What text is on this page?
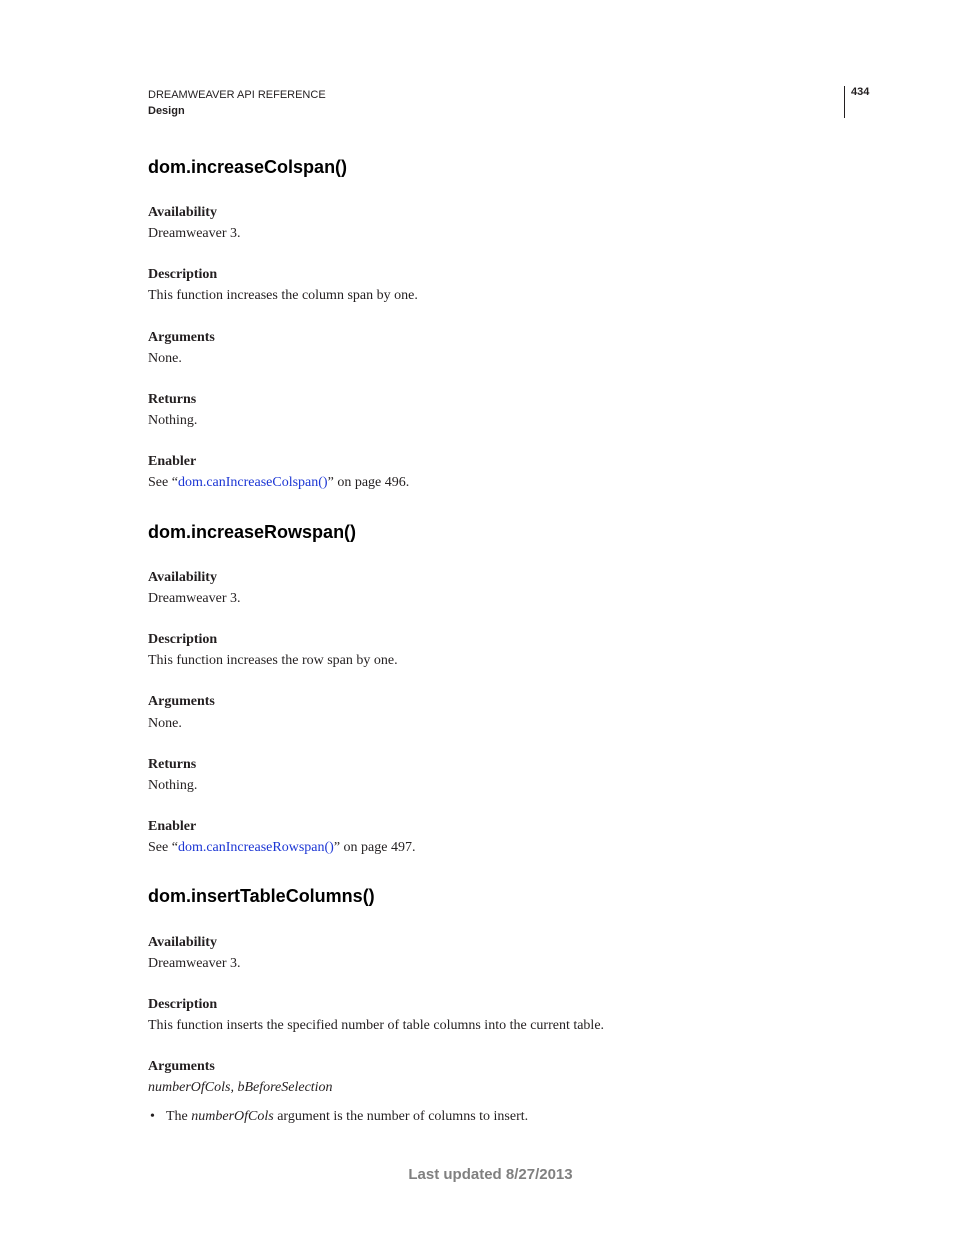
DREAMWEAVER API REFERENCE
Design
434
dom.increaseColspan()
Availability
Dreamweaver 3.
Description
This function increases the column span by one.
Arguments
None.
Returns
Nothing.
Enabler
See “dom.canIncreaseColspan()” on page 496.
dom.increaseRowspan()
Availability
Dreamweaver 3.
Description
This function increases the row span by one.
Arguments
None.
Returns
Nothing.
Enabler
See “dom.canIncreaseRowspan()” on page 497.
dom.insertTableColumns()
Availability
Dreamweaver 3.
Description
This function inserts the specified number of table columns into the current table.
Arguments
numberOfCols, bBeforeSelection
• The numberOfCols argument is the number of columns to insert.
Last updated 8/27/2013
